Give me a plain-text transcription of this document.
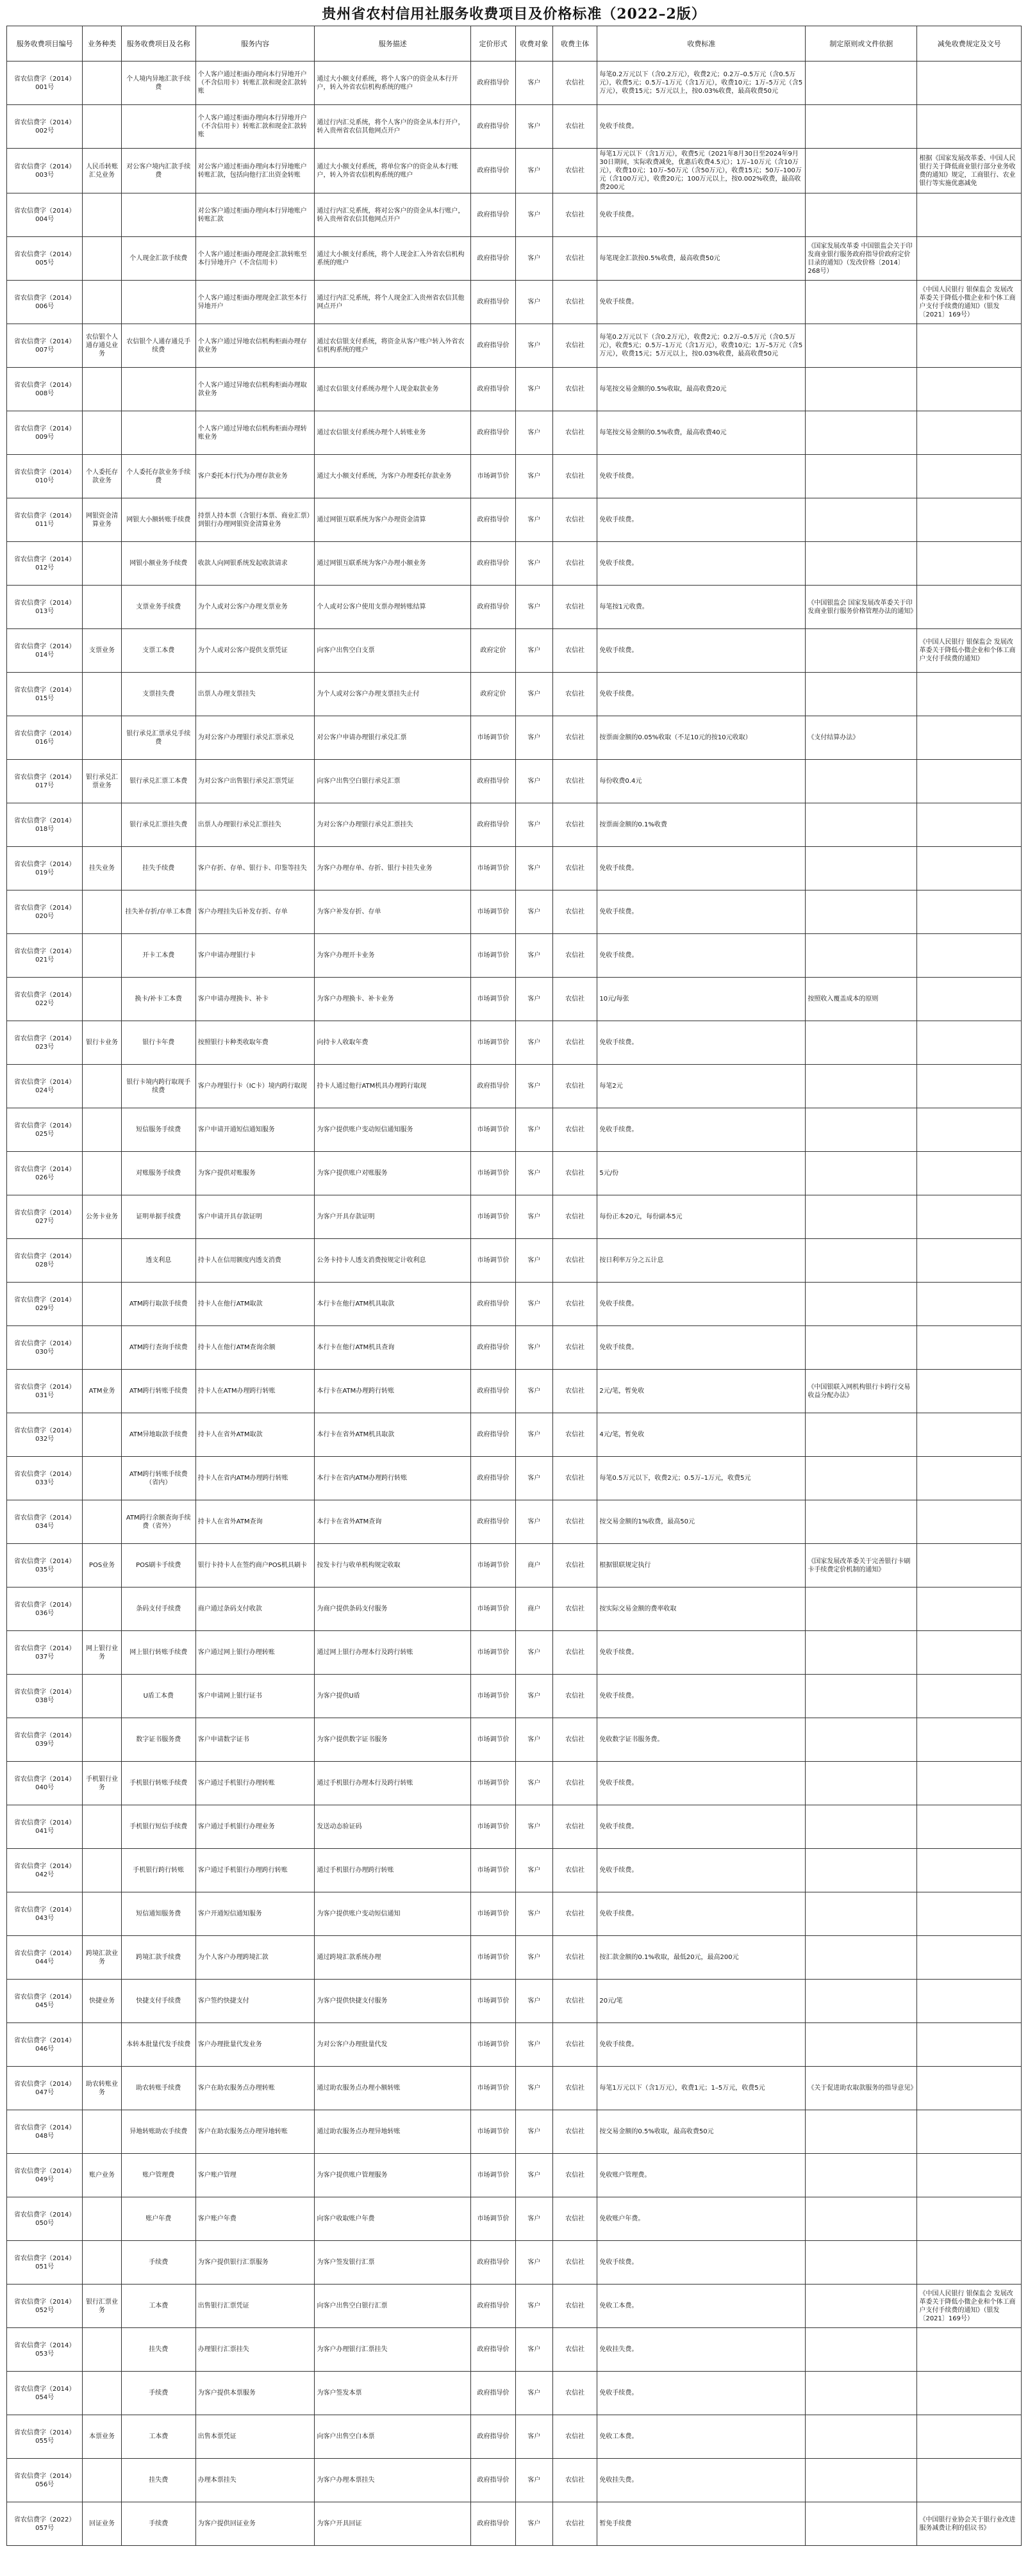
贵州省农村信用社服务收费项目及价格标准（2022–2版）
服务收费项目编号	业务种类	服务收费项目及名称	服务内容	服务描述	定价形式	收费对象	收费主体	收费标准	制定原则或文件依据	减免收费规定及文号
省农信费字（2014）001号		个人境内异地汇款手续费	个人客户通过柜面办理向本行异地开户（不含信用卡）转账汇款和现金汇款转账	通过大小额支付系统，将个人客户的资金从本行开户，转入外省农信机构系统的账户	政府指导价	客户	农信社	每笔0.2万元以下（含0.2万元），收费2元；0.2万–0.5万元（含0.5万元），收费5元；0.5万–1万元（含1万元），收费10元；1万–5万元（含5万元），收费15元；5万元以上，按0.03%收费，最高收费50元		
省农信费字（2014）002号			个人客户通过柜面办理向本行异地开户（不含信用卡）转账汇款和现金汇款转账	通过行内汇兑系统，将个人客户的资金从本行开户，转入贵州省农信其他网点开户	政府指导价	客户	农信社	免收手续费。		
省农信费字（2014）003号	人民币转账汇兑业务	对公客户境内汇款手续费	对公客户通过柜面办理向本行异地账户转账汇款，包括向他行汇出资金转账	通过大小额支付系统，将单位客户的资金从本行账户，转入外省农信机构系统的账户	政府指导价	客户	农信社	每笔1万元以下（含1万元），收费5元（2021年8月30日至2024年9月30日期间，实际收费减免，优惠后收费4.5元）；1万–10万元（含10万元），收费10元；10万–50万元（含50万元），收费15元；50万–100万元（含100万元），收费20元；100万元以上，按0.002%收费，最高收费200元		根据《国家发展改革委、中国人民银行关于降低商业银行部分业务收费的通知》规定，工商银行、农业银行等实施优惠减免
省农信费字（2014）004号			对公客户通过柜面办理向本行异地账户转账汇款	通过行内汇兑系统，将对公客户的资金从本行账户，转入贵州省农信其他网点开户	政府指导价	客户	农信社	免收手续费。		
省农信费字（2014）005号		个人现金汇款手续费	个人客户通过柜面办理现金汇款转账至本行异地开户（不含信用卡）	通过大小额支付系统，将个人现金汇入外省农信机构系统的账户	政府指导价	客户	农信社	每笔现金汇款按0.5%收费，最高收费50元	《国家发展改革委 中国银监会关于印发商业银行服务政府指导价政府定价目录的通知》（发改价格〔2014〕268号）	
省农信费字（2014）006号			个人客户通过柜面办理现金汇款至本行异地开户	通过行内汇兑系统，将个人现金汇入贵州省农信其他网点开户	政府指导价	客户	农信社	免收手续费。		《中国人民银行 银保监会 发展改革委关于降低小微企业和个体工商户支付手续费的通知》（银发〔2021〕169号）
省农信费字（2014）007号	农信银个人通存通兑业务	农信银个人通存通兑手续费	个人客户通过异地农信机构柜面办理存款业务	通过农信银支付系统，将资金从客户账户转入外省农信机构系统的账户	政府指导价	客户	农信社	每笔0.2万元以下（含0.2万元），收费2元；0.2万–0.5万元（含0.5万元），收费5元；0.5万–1万元（含1万元），收费10元；1万–5万元（含5万元），收费15元；5万元以上，按0.03%收费，最高收费50元		
省农信费字（2014）008号			个人客户通过异地农信机构柜面办理取款业务	通过农信银支付系统办理个人现金取款业务	政府指导价	客户	农信社	每笔按交易金额的0.5%收取，最高收费20元		
省农信费字（2014）009号			个人客户通过异地农信机构柜面办理转账业务	通过农信银支付系统办理个人转账业务	政府指导价	客户	农信社	每笔按交易金额的0.5%收费，最高收费40元		
省农信费字（2014）010号	个人委托存款业务	个人委托存款业务手续费	客户委托本行代为办理存款业务	通过大小额支付系统，为客户办理委托存款业务	市场调节价	客户	农信社	免收手续费。		
省农信费字（2014）011号	网银资金清算业务	网银大小额转账手续费	持票人持本票（含银行本票、商业汇票）到银行办理网银资金清算业务	通过网银互联系统为客户办理资金清算	政府指导价	客户	农信社	免收手续费。		
省农信费字（2014）012号		网银小额业务手续费	收款人向网银系统发起收款请求	通过网银互联系统为客户办理小额业务	政府指导价	客户	农信社	免收手续费。		
省农信费字（2014）013号		支票业务手续费	为个人或对公客户办理支票业务	个人或对公客户使用支票办理转账结算	政府指导价	客户	农信社	每笔按1元收费。	《中国银监会 国家发展改革委关于印发商业银行服务价格管理办法的通知》	
省农信费字（2014）014号	支票业务	支票工本费	为个人或对公客户提供支票凭证	向客户出售空白支票	政府定价	客户	农信社	免收手续费。		《中国人民银行 银保监会 发展改革委关于降低小微企业和个体工商户支付手续费的通知》
省农信费字（2014）015号		支票挂失费	出票人办理支票挂失	为个人或对公客户办理支票挂失止付	政府定价	客户	农信社	免收手续费。		
省农信费字（2014）016号		银行承兑汇票承兑手续费	为对公客户办理银行承兑汇票承兑	对公客户申请办理银行承兑汇票	市场调节价	客户	农信社	按票面金额的0.05%收取（不足10元的按10元收取）	《支付结算办法》	
省农信费字（2014）017号	银行承兑汇票业务	银行承兑汇票工本费	为对公客户出售银行承兑汇票凭证	向客户出售空白银行承兑汇票	政府指导价	客户	农信社	每份收费0.4元		
省农信费字（2014）018号		银行承兑汇票挂失费	出票人办理银行承兑汇票挂失	为对公客户办理银行承兑汇票挂失	政府指导价	客户	农信社	按票面金额的0.1%收费		
省农信费字（2014）019号	挂失业务	挂失手续费	客户存折、存单、银行卡、印鉴等挂失	为客户办理存单、存折、银行卡挂失业务	市场调节价	客户	农信社	免收手续费。		
省农信费字（2014）020号		挂失补存折/存单工本费	客户办理挂失后补发存折、存单	为客户补发存折、存单	市场调节价	客户	农信社	免收手续费。		
省农信费字（2014）021号		开卡工本费	客户申请办理银行卡	为客户办理开卡业务	市场调节价	客户	农信社	免收手续费。		
省农信费字（2014）022号		换卡/补卡工本费	客户申请办理换卡、补卡	为客户办理换卡、补卡业务	市场调节价	客户	农信社	10元/每张	按照收入覆盖成本的原则	
省农信费字（2014）023号	银行卡业务	银行卡年费	按照银行卡种类收取年费	向持卡人收取年费	市场调节价	客户	农信社	免收手续费。		
省农信费字（2014）024号		银行卡境内跨行取现手续费	客户办理银行卡（IC卡）境内跨行取现	持卡人通过他行ATM机具办理跨行取现	政府指导价	客户	农信社	每笔2元		
省农信费字（2014）025号		短信服务手续费	客户申请开通短信通知服务	为客户提供账户变动短信通知服务	市场调节价	客户	农信社	免收手续费。		
省农信费字（2014）026号		对账服务手续费	为客户提供对账服务	为客户提供账户对账服务	市场调节价	客户	农信社	5元/份		
省农信费字（2014）027号	公务卡业务	证明单据手续费	客户申请开具存款证明	为客户开具存款证明	市场调节价	客户	农信社	每份正本20元，每份副本5元		
省农信费字（2014）028号		透支利息	持卡人在信用额度内透支消费	公务卡持卡人透支消费按规定计收利息	市场调节价	客户	农信社	按日利率万分之五计息		
省农信费字（2014）029号		ATM跨行取款手续费	持卡人在他行ATM取款	本行卡在他行ATM机具取款	政府指导价	客户	农信社	免收手续费。		
省农信费字（2014）030号		ATM跨行查询手续费	持卡人在他行ATM查询余额	本行卡在他行ATM机具查询	政府指导价	客户	农信社	免收手续费。		
省农信费字（2014）031号	ATM业务	ATM跨行转账手续费	持卡人在ATM办理跨行转账	本行卡在ATM办理跨行转账	政府指导价	客户	农信社	2元/笔，暂免收	《中国银联入网机构银行卡跨行交易收益分配办法》	
省农信费字（2014）032号		ATM异地取款手续费	持卡人在省外ATM取款	本行卡在省外ATM机具取款	政府指导价	客户	农信社	4元/笔，暂免收		
省农信费字（2014）033号		ATM跨行转账手续费（省内）	持卡人在省内ATM办理跨行转账	本行卡在省内ATM办理跨行转账	政府指导价	客户	农信社	每笔0.5万元以下，收费2元；0.5万–1万元，收费5元		
省农信费字（2014）034号		ATM跨行余额查询手续费（省外）	持卡人在省外ATM查询	本行卡在省外ATM查询	政府指导价	客户	农信社	按交易金额的1%收费，最高50元		
省农信费字（2014）035号	POS业务	POS刷卡手续费	银行卡持卡人在签约商户POS机具刷卡	按发卡行与收单机构规定收取	市场调节价	商户	农信社	根据银联规定执行	《国家发展改革委关于完善银行卡刷卡手续费定价机制的通知》	
省农信费字（2014）036号		条码支付手续费	商户通过条码支付收款	为商户提供条码支付服务	市场调节价	商户	农信社	按实际交易金额的费率收取		
省农信费字（2014）037号	网上银行业务	网上银行转账手续费	客户通过网上银行办理转账	通过网上银行办理本行及跨行转账	市场调节价	客户	农信社	免收手续费。		
省农信费字（2014）038号		U盾工本费	客户申请网上银行证书	为客户提供U盾	市场调节价	客户	农信社	免收手续费。		
省农信费字（2014）039号		数字证书服务费	客户申请数字证书	为客户提供数字证书服务	市场调节价	客户	农信社	免收数字证书服务费。		
省农信费字（2014）040号	手机银行业务	手机银行转账手续费	客户通过手机银行办理转账	通过手机银行办理本行及跨行转账	市场调节价	客户	农信社	免收手续费。		
省农信费字（2014）041号		手机银行短信手续费	客户通过手机银行办理业务	发送动态验证码	市场调节价	客户	农信社	免收手续费。		
省农信费字（2014）042号		手机银行跨行转账	客户通过手机银行办理跨行转账	通过手机银行办理跨行转账	市场调节价	客户	农信社	免收手续费。		
省农信费字（2014）043号		短信通知服务费	客户开通短信通知服务	为客户提供账户变动短信通知	市场调节价	客户	农信社	免收手续费。		
省农信费字（2014）044号	跨境汇款业务	跨境汇款手续费	为个人客户办理跨境汇款	通过跨境汇款系统办理	市场调节价	客户	农信社	按汇款金额的0.1%收取，最低20元，最高200元		
省农信费字（2014）045号	快捷业务	快捷支付手续费	客户签约快捷支付	为客户提供快捷支付服务	市场调节价	客户	农信社	20元/笔		
省农信费字（2014）046号		本转本批量代发手续费	客户办理批量代发业务	为对公客户办理批量代发	市场调节价	客户	农信社	免收手续费。		
省农信费字（2014）047号	助农转账业务	助农转账手续费	客户在助农服务点办理转账	通过助农服务点办理小额转账	市场调节价	客户	农信社	每笔1万元以下（含1万元），收费1元；1–5万元，收费5元	《关于促进助农取款服务的指导意见》	
省农信费字（2014）048号		异地转账助农手续费	客户在助农服务点办理异地转账	通过助农服务点办理异地转账	市场调节价	客户	农信社	按交易金额的0.5%收取，最高收费50元		
省农信费字（2014）049号	账户业务	账户管理费	客户账户管理	为客户提供账户管理服务	市场调节价	客户	农信社	免收账户管理费。		
省农信费字（2014）050号		账户年费	客户账户年费	向客户收取账户年费	市场调节价	客户	农信社	免收账户年费。		
省农信费字（2014）051号		手续费	为客户提供银行汇票服务	为客户签发银行汇票	政府指导价	客户	农信社	免收手续费。		
省农信费字（2014）052号	银行汇票业务	工本费	出售银行汇票凭证	向客户出售空白银行汇票	政府指导价	客户	农信社	免收工本费。		《中国人民银行 银保监会 发展改革委关于降低小微企业和个体工商户支付手续费的通知》（银发〔2021〕169号）
省农信费字（2014）053号		挂失费	办理银行汇票挂失	为客户办理银行汇票挂失	政府指导价	客户	农信社	免收挂失费。		
省农信费字（2014）054号		手续费	为客户提供本票服务	为客户签发本票	政府指导价	客户	农信社	免收手续费。		
省农信费字（2014）055号	本票业务	工本费	出售本票凭证	向客户出售空白本票	政府指导价	客户	农信社	免收工本费。		
省农信费字（2014）056号		挂失费	办理本票挂失	为客户办理本票挂失	政府指导价	客户	农信社	免收挂失费。		
省农信费字（2022）057号	回证业务	手续费	为客户提供回证业务	为客户开具回证	政府指导价	客户	农信社	暂免手续费		《中国银行业协会关于银行业改进服务减费让利的倡议书》
